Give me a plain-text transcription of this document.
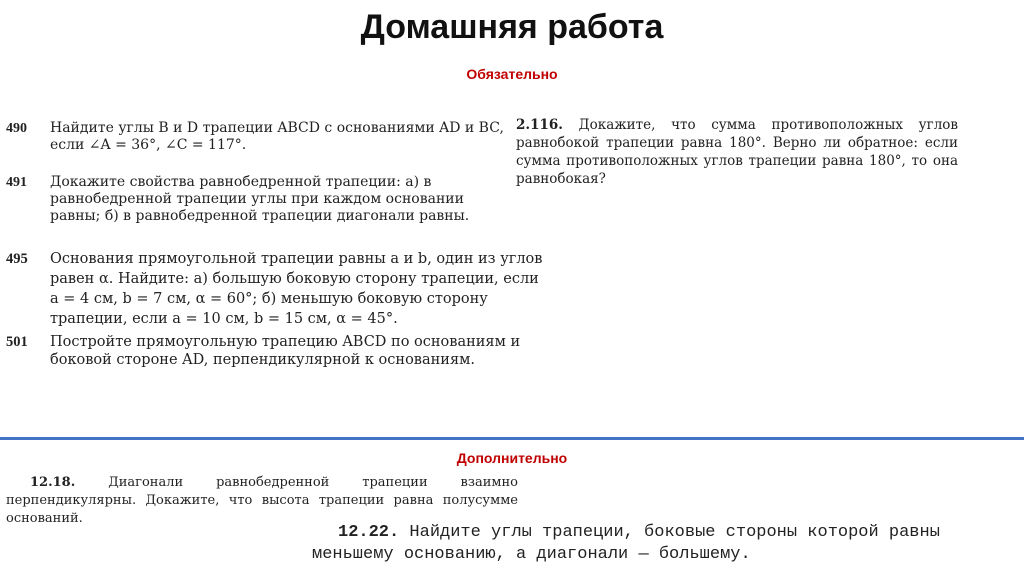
Домашняя работа
Обязательно
490 Найдите углы B и D трапеции ABCD с основаниями AD и BC, если ∠A = 36°, ∠C = 117°.
491 Докажите свойства равнобедренной трапеции: а) в равнобедренной трапеции углы при каждом основании равны; б) в равнобедренной трапеции диагонали равны.
495 Основания прямоугольной трапеции равны a и b, один из углов равен α. Найдите: а) большую боковую сторону трапеции, если a = 4 см, b = 7 см, α = 60°; б) меньшую боковую сторону трапеции, если a = 10 см, b = 15 см, α = 45°.
501 Постройте прямоугольную трапецию ABCD по основаниям и боковой стороне AD, перпендикулярной к основаниям.
2.116. Докажите, что сумма противоположных углов равнобокой трапеции равна 180°. Верно ли обратное: если сумма противоположных углов трапеции равна 180°, то она равнобокая?
Дополнительно
12.18.	Диагонали равнобедренной трапеции взаимно перпендикулярны. Докажите, что высота трапеции равна полусумме оснований.
12.22. Найдите углы трапеции, боковые стороны которой равны меньшему основанию, а диагонали — большему.
